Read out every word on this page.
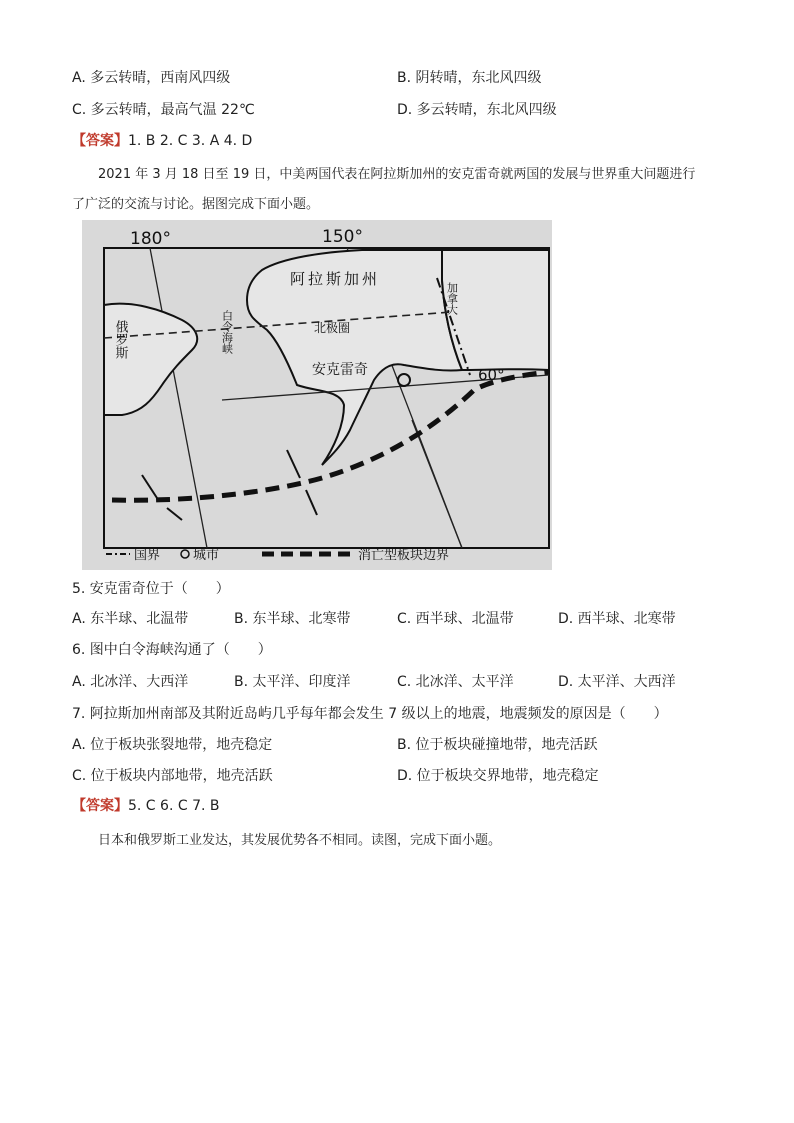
A. 多云转晴，西南风四级	B. 阴转晴，东北风四级
C. 多云转晴，最高气温 22℃	D. 多云转晴，东北风四级
【答案】1. B 2. C 3. A 4. D
2021 年 3 月 18 日至 19 日，中美两国代表在阿拉斯加州的安克雷奇就两国的发展与世界重大问题进行
了广泛的交流与讨论。据图完成下面小题。
180°	150°
60°
阿拉斯加州
北极圈
安克雷奇
白令海峡
俄罗斯
加拿大
国界	城市	消亡型板块边界
5. 安克雷奇位于（　　）
A. 东半球、北温带	B. 东半球、北寒带	C. 西半球、北温带	D. 西半球、北寒带
6. 图中白令海峡沟通了（　　）
A. 北冰洋、大西洋	B. 太平洋、印度洋	C. 北冰洋、太平洋	D. 太平洋、大西洋
7. 阿拉斯加州南部及其附近岛屿几乎每年都会发生 7 级以上的地震，地震频发的原因是（　　）
A. 位于板块张裂地带，地壳稳定	B. 位于板块碰撞地带，地壳活跃
C. 位于板块内部地带，地壳活跃	D. 位于板块交界地带，地壳稳定
【答案】5. C 6. C 7. B
日本和俄罗斯工业发达，其发展优势各不相同。读图，完成下面小题。
